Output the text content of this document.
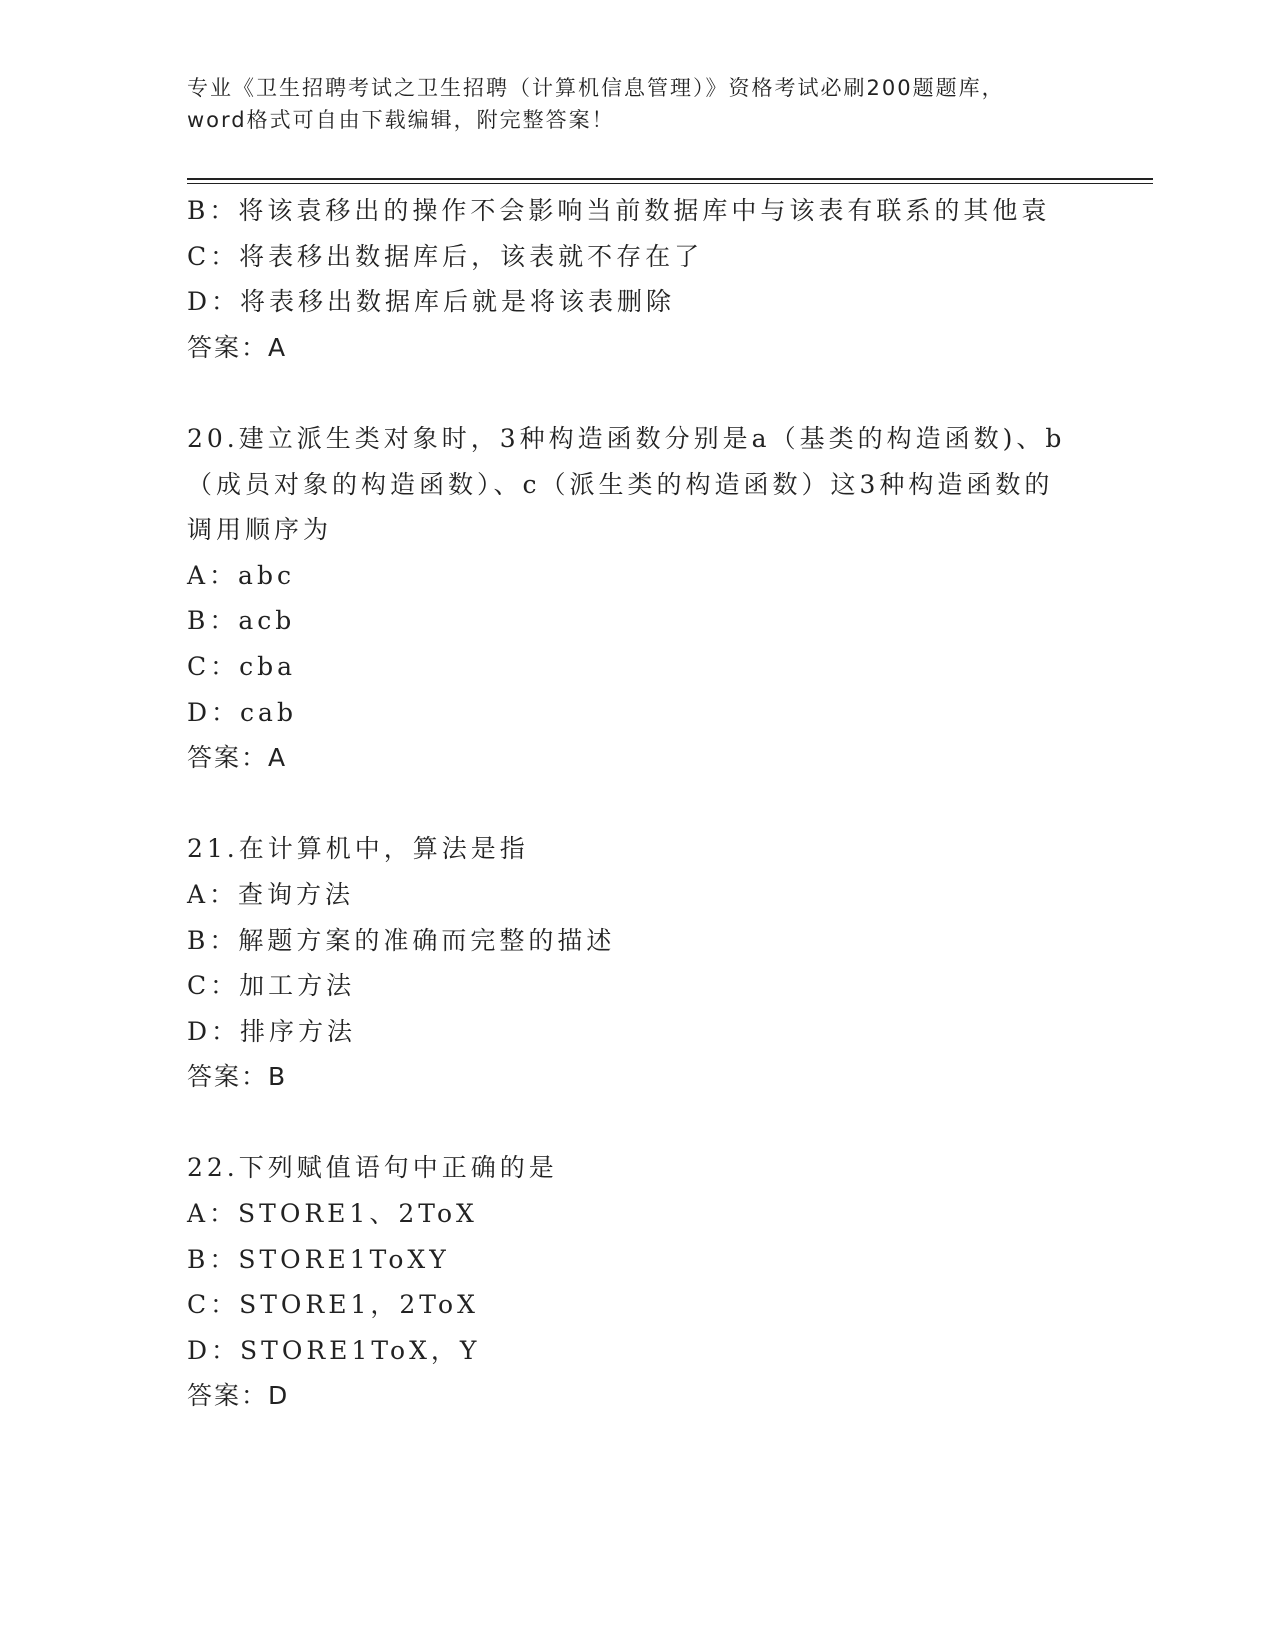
专业《卫生招聘考试之卫生招聘（计算机信息管理）》资格考试必刷200题题库，
word格式可自由下载编辑，附完整答案！
B：将该袁移出的操作不会影响当前数据库中与该表有联系的其他袁
C：将表移出数据库后，该表就不存在了
D：将表移出数据库后就是将该表删除
答案：A
20.建立派生类对象时，3种构造函数分别是a（基类的构造函数)、b
（成员对象的构造函数）、c（派生类的构造函数）这3种构造函数的
调用顺序为
A：abc
B：acb
C：cba
D：cab
答案：A
21.在计算机中，算法是指
A：查询方法
B：解题方案的准确而完整的描述
C：加工方法
D：排序方法
答案：B
22.下列赋值语句中正确的是
A：STORE1、2ToX
B：STORE1ToXY
C：STORE1，2ToX
D：STORE1ToX，Y
答案：D
